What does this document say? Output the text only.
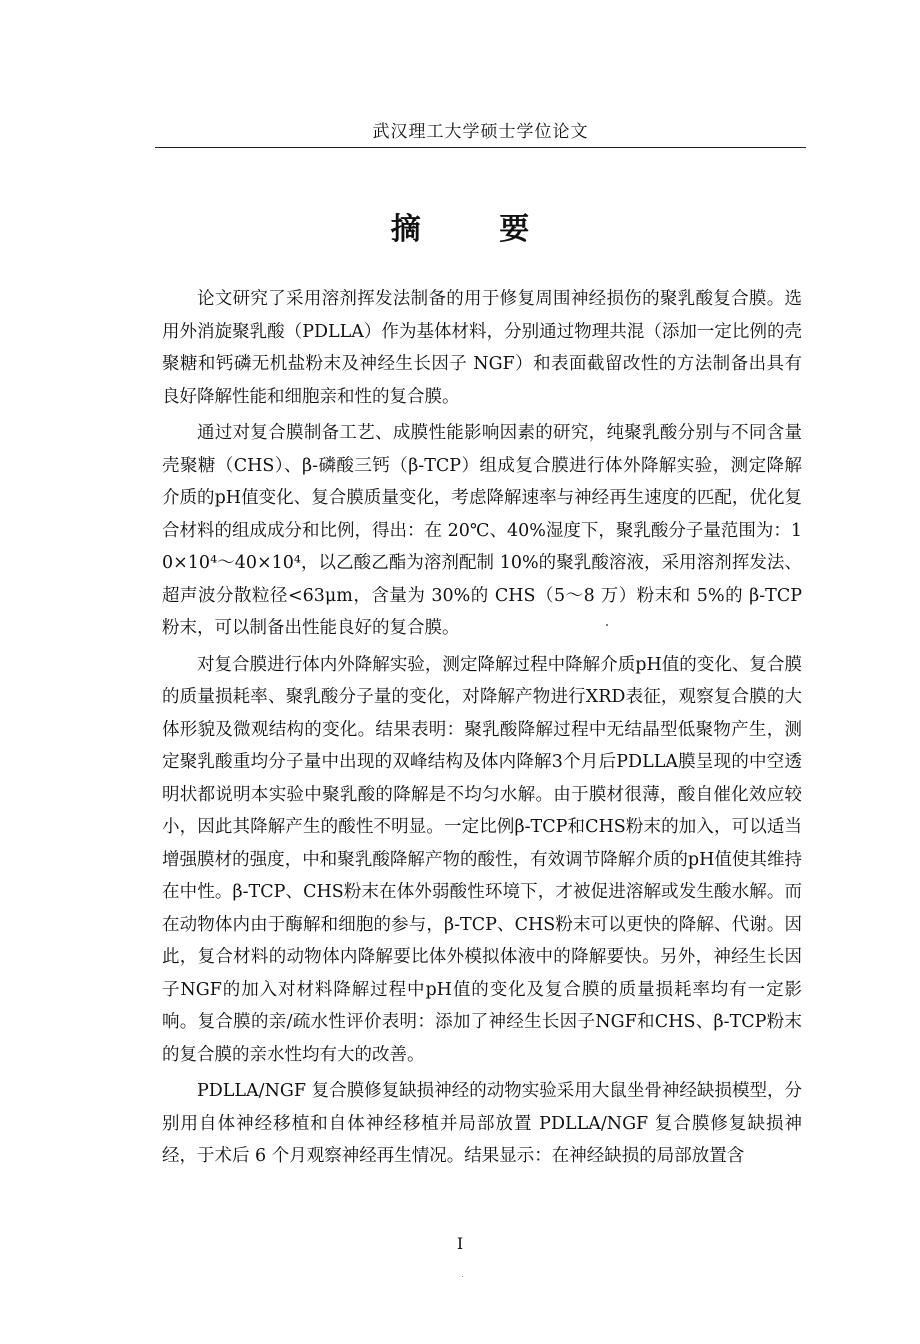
武汉理工大学硕士学位论文
摘 要

论文研究了采用溶剂挥发法制备的用于修复周围神经损伤的聚乳酸复合膜。选用外消旋聚乳酸（PDLLA）作为基体材料，分别通过物理共混（添加一定比例的壳聚糖和钙磷无机盐粉末及神经生长因子 NGF）和表面截留改性的方法制备出具有良好降解性能和细胞亲和性的复合膜。

通过对复合膜制备工艺、成膜性能影响因素的研究，纯聚乳酸分别与不同含量壳聚糖（CHS）、β-磷酸三钙（β-TCP）组成复合膜进行体外降解实验，测定降解介质的pH值变化、复合膜质量变化，考虑降解速率与神经再生速度的匹配，优化复合材料的组成成分和比例，得出：在 20℃、40%湿度下，聚乳酸分子量范围为：10×10⁴～40×10⁴，以乙酸乙酯为溶剂配制 10%的聚乳酸溶液，采用溶剂挥发法、超声波分散粒径<63μm，含量为 30%的 CHS（5～8 万）粉末和 5%的 β-TCP 粉末，可以制备出性能良好的复合膜。

对复合膜进行体内外降解实验，测定降解过程中降解介质pH值的变化、复合膜的质量损耗率、聚乳酸分子量的变化，对降解产物进行XRD表征，观察复合膜的大体形貌及微观结构的变化。结果表明：聚乳酸降解过程中无结晶型低聚物产生，测定聚乳酸重均分子量中出现的双峰结构及体内降解3个月后PDLLA膜呈现的中空透明状都说明本实验中聚乳酸的降解是不均匀水解。由于膜材很薄，酸自催化效应较小，因此其降解产生的酸性不明显。一定比例β-TCP和CHS粉末的加入，可以适当增强膜材的强度，中和聚乳酸降解产物的酸性，有效调节降解介质的pH值使其维持在中性。β-TCP、CHS粉末在体外弱酸性环境下，才被促进溶解或发生酸水解。而在动物体内由于酶解和细胞的参与，β-TCP、CHS粉末可以更快的降解、代谢。因此，复合材料的动物体内降解要比体外模拟体液中的降解要快。另外，神经生长因子NGF的加入对材料降解过程中pH值的变化及复合膜的质量损耗率均有一定影响。复合膜的亲/疏水性评价表明：添加了神经生长因子NGF和CHS、β-TCP粉末的复合膜的亲水性均有大的改善。

PDLLA/NGF 复合膜修复缺损神经的动物实验采用大鼠坐骨神经缺损模型，分别用自体神经移植和自体神经移植并局部放置 PDLLA/NGF 复合膜修复缺损神经，于术后 6 个月观察神经再生情况。结果显示：在神经缺损的局部放置含

I
